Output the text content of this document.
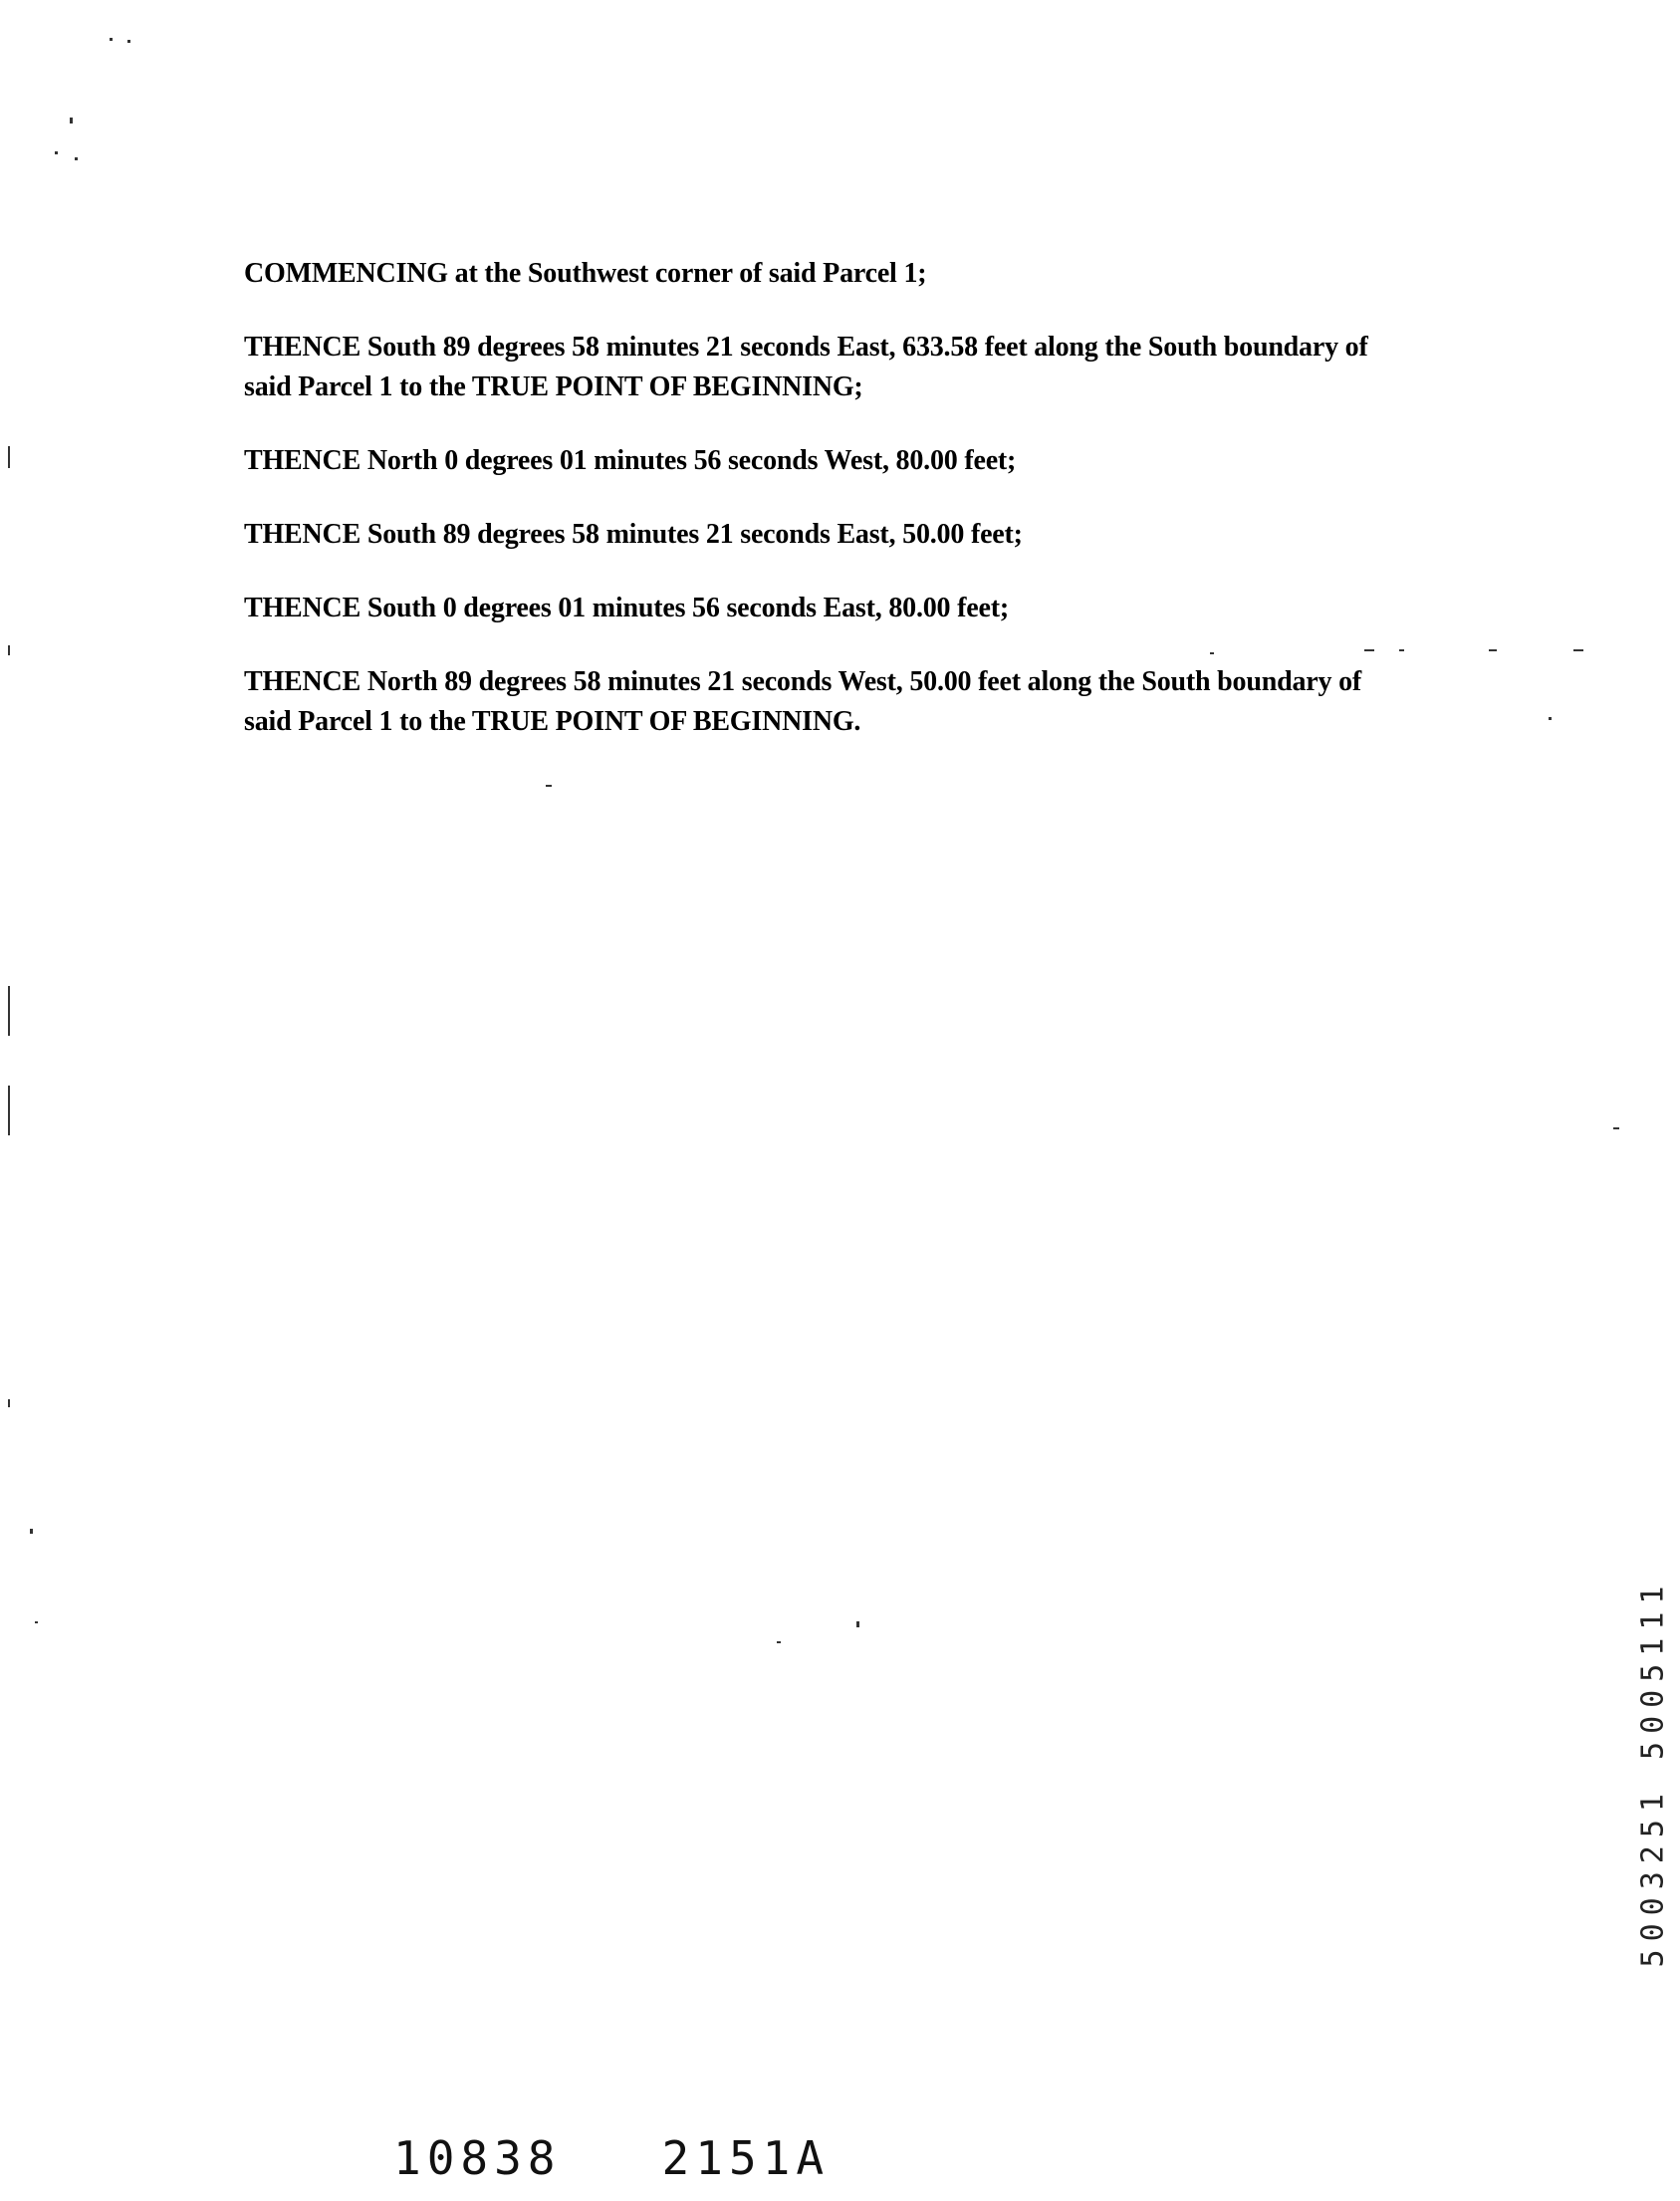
COMMENCING at the Southwest corner of said Parcel 1;

THENCE South 89 degrees 58 minutes 21 seconds East, 633.58 feet along the South boundary of said Parcel 1 to the TRUE POINT OF BEGINNING;

THENCE North 0 degrees 01 minutes 56 seconds West, 80.00 feet;

THENCE South 89 degrees 58 minutes 21 seconds East, 50.00 feet;

THENCE South 0 degrees 01 minutes 56 seconds East, 80.00 feet;

THENCE North 89 degrees 58 minutes 21 seconds West, 50.00 feet along the South boundary of said Parcel 1 to the TRUE POINT OF BEGINNING.

5003251 5005111
10838   2151A
